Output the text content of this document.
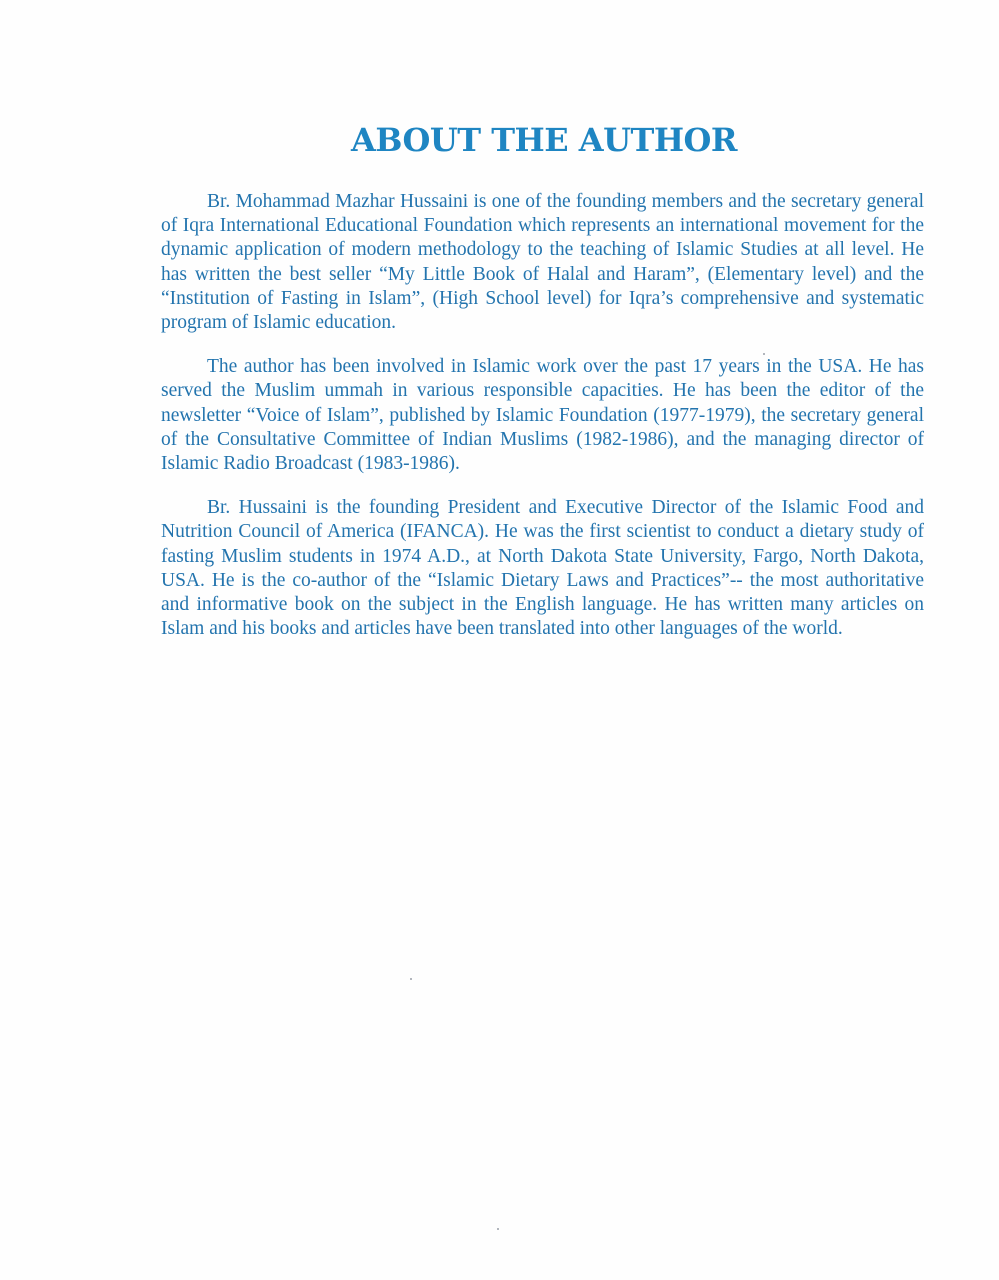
ABOUT THE AUTHOR

Br. Mohammad Mazhar Hussaini is one of the founding members and the secretary general of Iqra International Educational Foundation which represents an international movement for the dynamic application of modern methodology to the teaching of Islamic Studies at all level. He has written the best seller “My Little Book of Halal and Haram”, (Elementary level) and the “Institution of Fasting in Islam”, (High School level) for Iqra’s comprehensive and systematic program of Islamic education.

The author has been involved in Islamic work over the past 17 years in the USA. He has served the Muslim ummah in various responsible capacities. He has been the editor of the newsletter “Voice of Islam”, published by Islamic Foundation (1977-1979), the secretary general of the Consultative Committee of Indian Muslims (1982-1986), and the managing director of Islamic Radio Broadcast (1983-1986).

Br. Hussaini is the founding President and Executive Director of the Islamic Food and Nutrition Council of America (IFANCA). He was the first scientist to conduct a dietary study of fasting Muslim students in 1974 A.D., at North Dakota State University, Fargo, North Dakota, USA. He is the co-author of the “Islamic Dietary Laws and Practices”-- the most authoritative and informative book on the subject in the English language. He has written many articles on Islam and his books and articles have been translated into other languages of the world.
